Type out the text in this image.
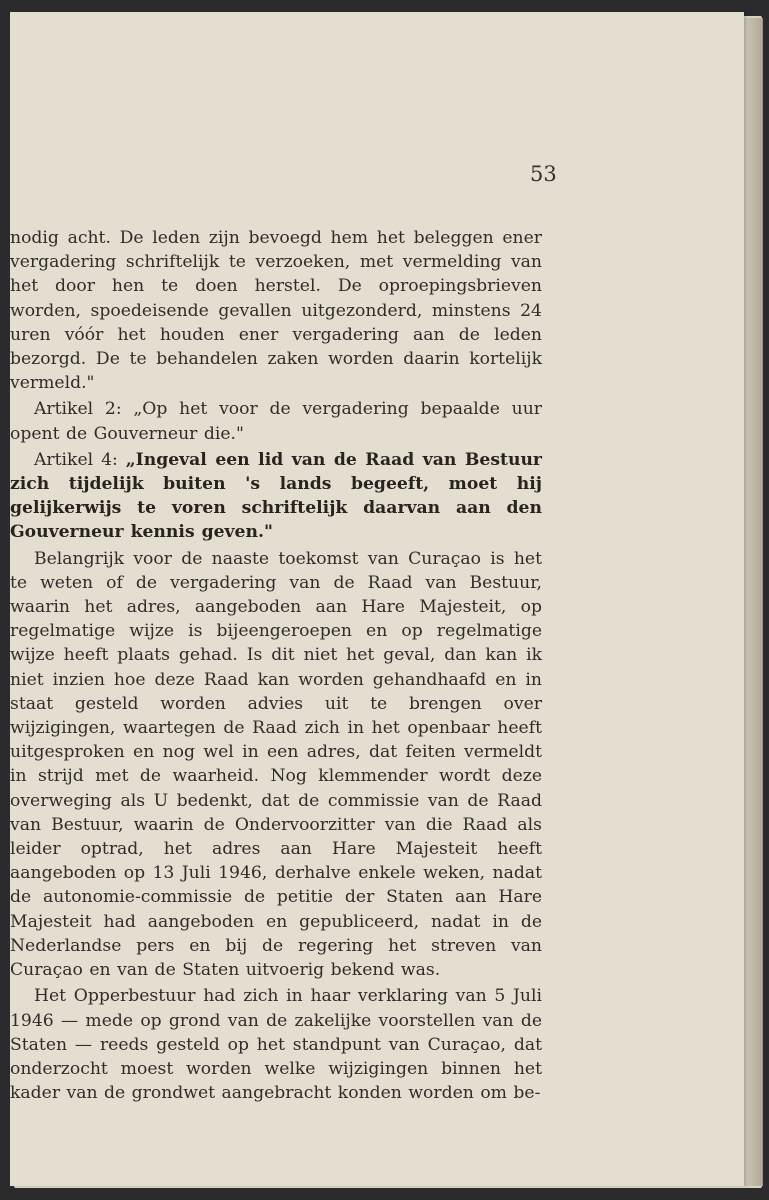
53

nodig acht. De leden zijn bevoegd hem het beleggen ener vergadering schriftelijk te verzoeken, met vermelding van het door hen te doen herstel. De oproepingsbrieven worden, spoedeisende gevallen uitgezonderd, minstens 24 uren vóór het houden ener vergadering aan de leden bezorgd. De te behandelen zaken worden daarin kortelijk vermeld."

Artikel 2: „Op het voor de vergadering bepaalde uur opent de Gouverneur die."

Artikel 4: „Ingeval een lid van de Raad van Bestuur zich tijdelijk buiten 's lands begeeft, moet hij gelijkerwijs te voren schriftelijk daarvan aan den Gouverneur kennis geven."

Belangrijk voor de naaste toekomst van Curaçao is het te weten of de vergadering van de Raad van Bestuur, waarin het adres, aangeboden aan Hare Majesteit, op regelmatige wijze is bijeengeroepen en op regelmatige wijze heeft plaats gehad. Is dit niet het geval, dan kan ik niet inzien hoe deze Raad kan worden gehandhaafd en in staat gesteld worden advies uit te brengen over wijzigingen, waartegen de Raad zich in het openbaar heeft uitgesproken en nog wel in een adres, dat feiten vermeldt in strijd met de waarheid. Nog klemmender wordt deze overweging als U bedenkt, dat de commissie van de Raad van Bestuur, waarin de Ondervoorzitter van die Raad als leider optrad, het adres aan Hare Majesteit heeft aangeboden op 13 Juli 1946, derhalve enkele weken, nadat de autonomie-commissie de petitie der Staten aan Hare Majesteit had aangeboden en gepubliceerd, nadat in de Nederlandse pers en bij de regering het streven van Curaçao en van de Staten uitvoerig bekend was.

Het Opperbestuur had zich in haar verklaring van 5 Juli 1946 — mede op grond van de zakelijke voorstellen van de Staten — reeds gesteld op het standpunt van Curaçao, dat onderzocht moest worden welke wijzigingen binnen het kader van de grondwet aangebracht konden worden om be-
